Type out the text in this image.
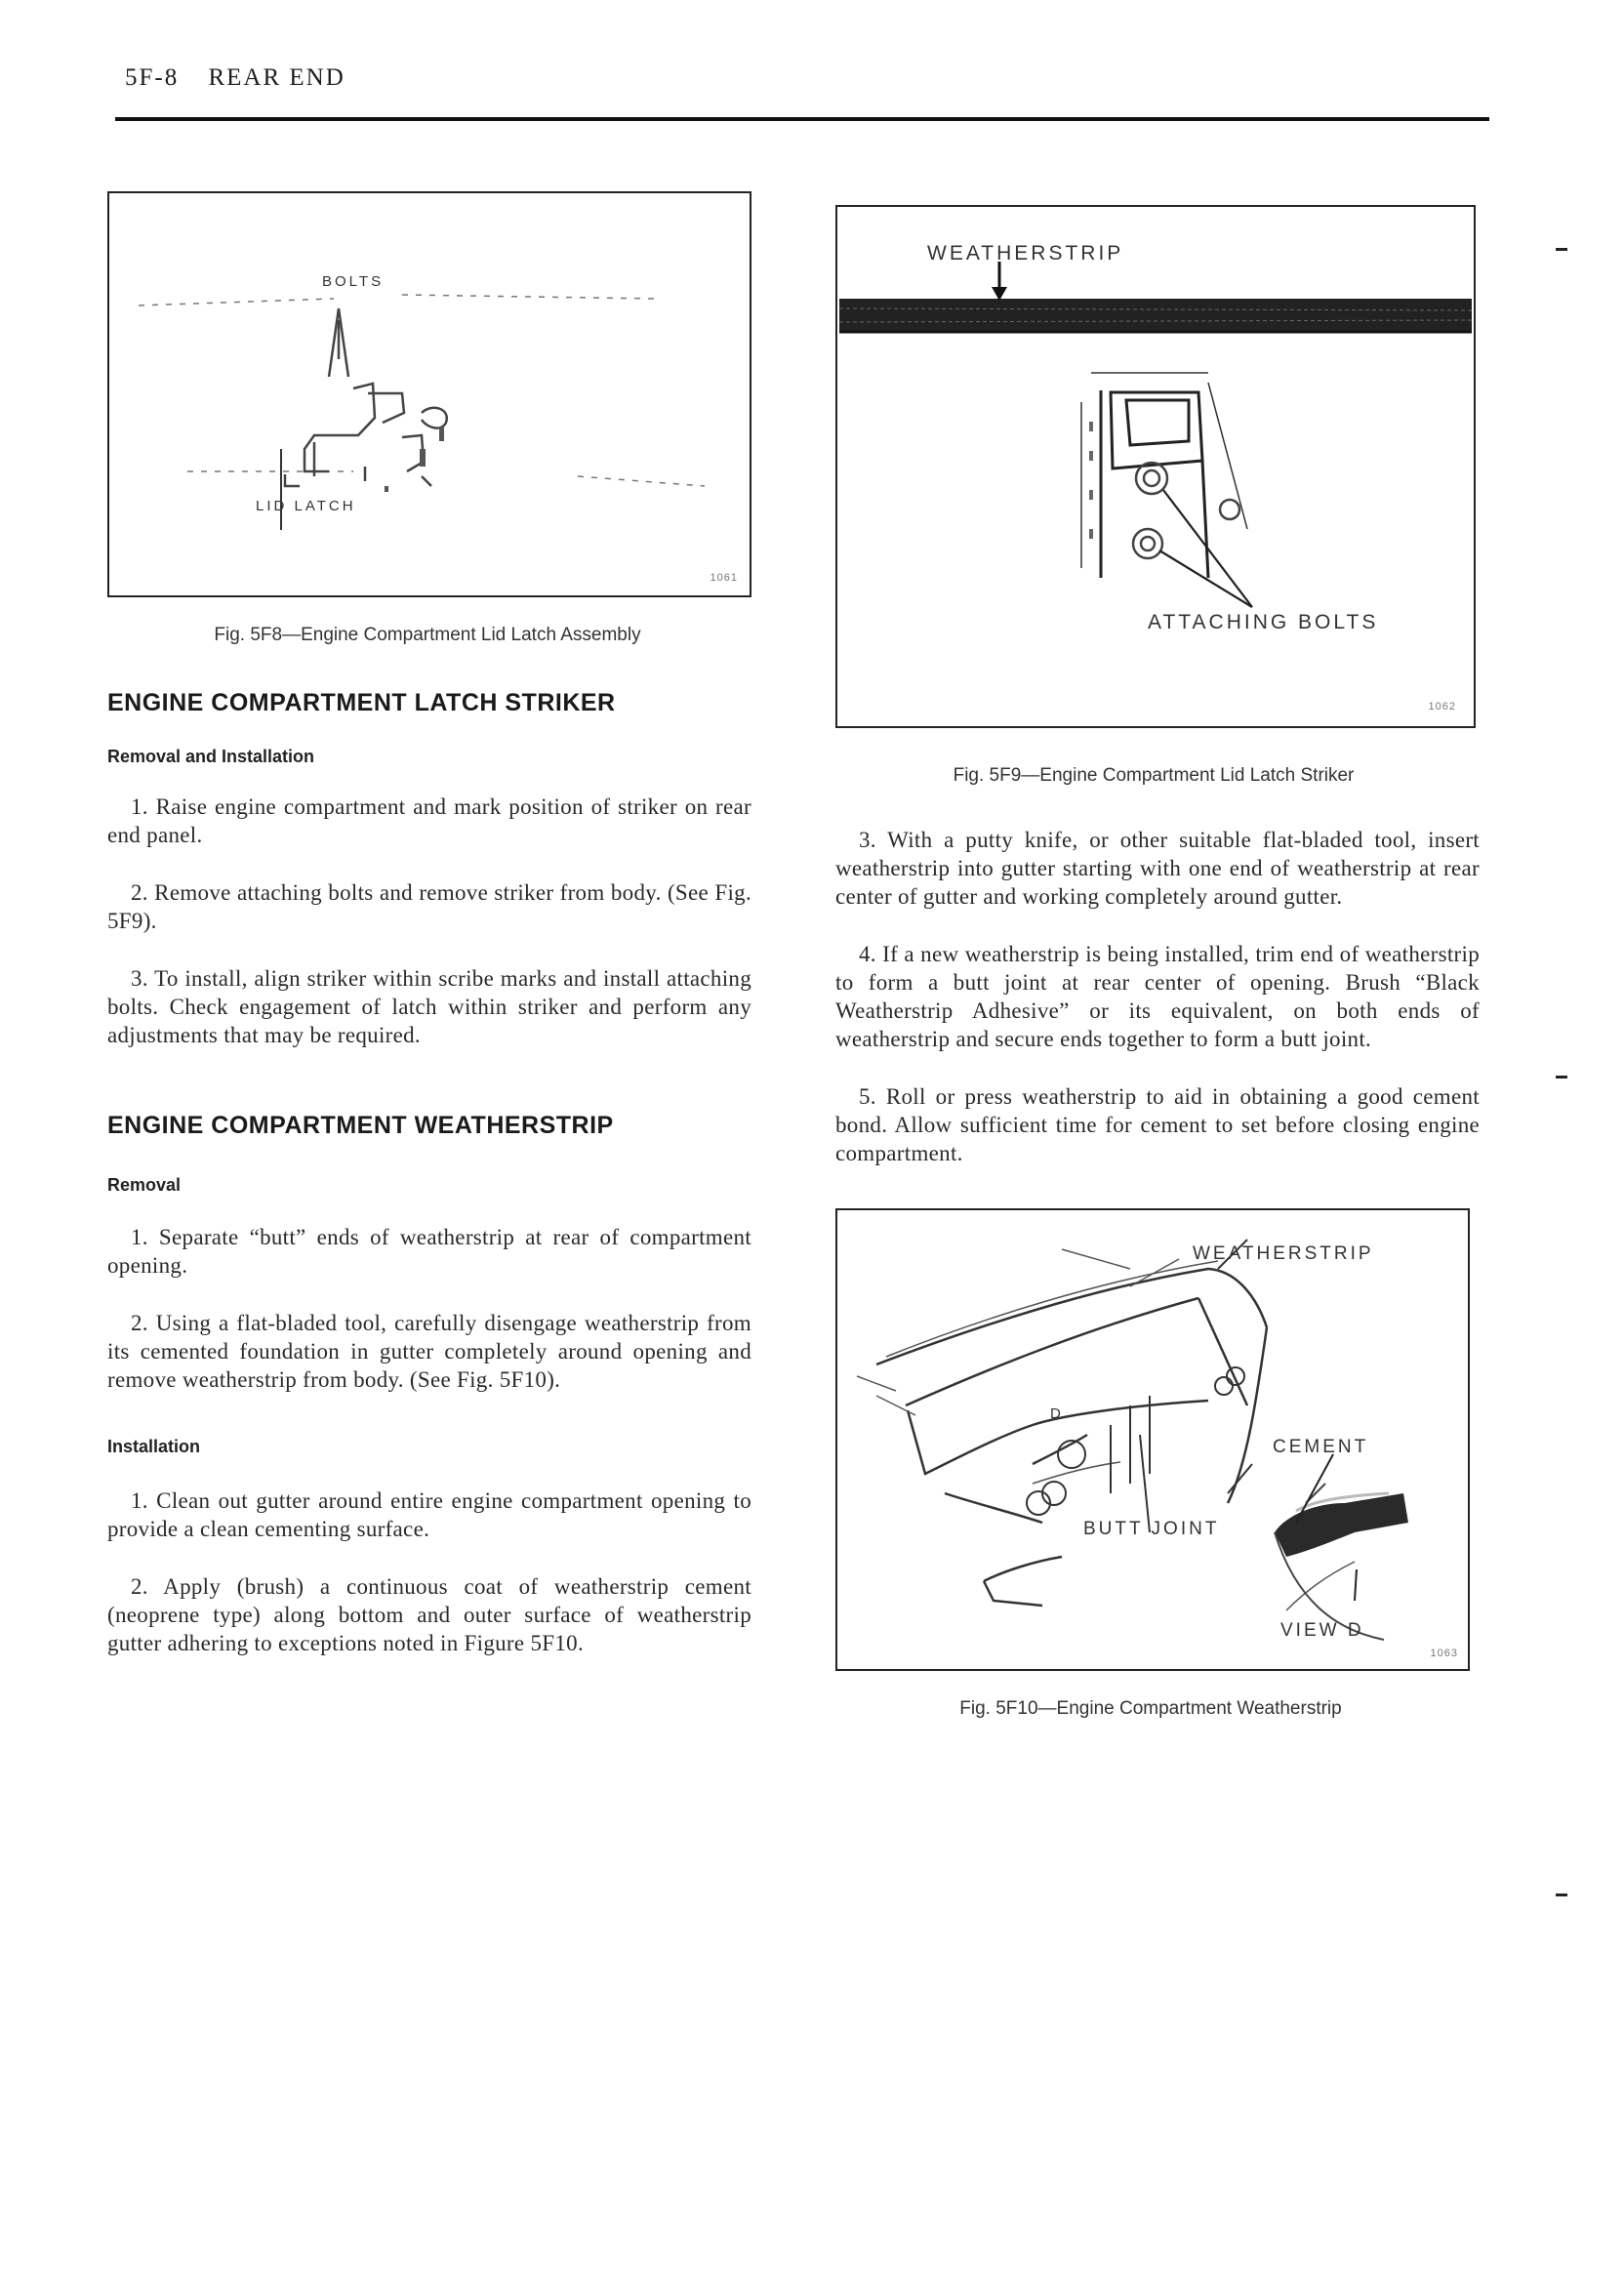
5F-8 REAR END
BOLTS
LID LATCH
1061

Fig. 5F8—Engine Compartment Lid Latch Assembly

ENGINE COMPARTMENT LATCH STRIKER
Removal and Installation

1. Raise engine compartment and mark position of striker on rear end panel.

2. Remove attaching bolts and remove striker from body. (See Fig. 5F9).

3. To install, align striker within scribe marks and install attaching bolts. Check engagement of latch within striker and perform any adjustments that may be required.

ENGINE COMPARTMENT WEATHERSTRIP
Removal

1. Separate “butt” ends of weatherstrip at rear of compartment opening.

2. Using a flat-bladed tool, carefully disengage weatherstrip from its cemented foundation in gutter completely around opening and remove weatherstrip from body. (See Fig. 5F10).

Installation

1. Clean out gutter around entire engine compartment opening to provide a clean cementing surface.

2. Apply (brush) a continuous coat of weatherstrip cement (neoprene type) along bottom and outer surface of weatherstrip gutter adhering to exceptions noted in Figure 5F10.

WEATHERSTRIP
ATTACHING BOLTS
1062

Fig. 5F9—Engine Compartment Lid Latch Striker

3. With a putty knife, or other suitable flat-bladed tool, insert weatherstrip into gutter starting with one end of weatherstrip at rear center of gutter and working completely around gutter.

4. If a new weatherstrip is being installed, trim end of weatherstrip to form a butt joint at rear center of opening. Brush “Black Weatherstrip Adhesive” or its equivalent, on both ends of weatherstrip and secure ends together to form a butt joint.

5. Roll or press weatherstrip to aid in obtaining a good cement bond. Allow sufficient time for cement to set before closing engine compartment.

WEATHERSTRIP
CEMENT
BUTT JOINT
VIEW D
D
1063

Fig. 5F10—Engine Compartment Weatherstrip
